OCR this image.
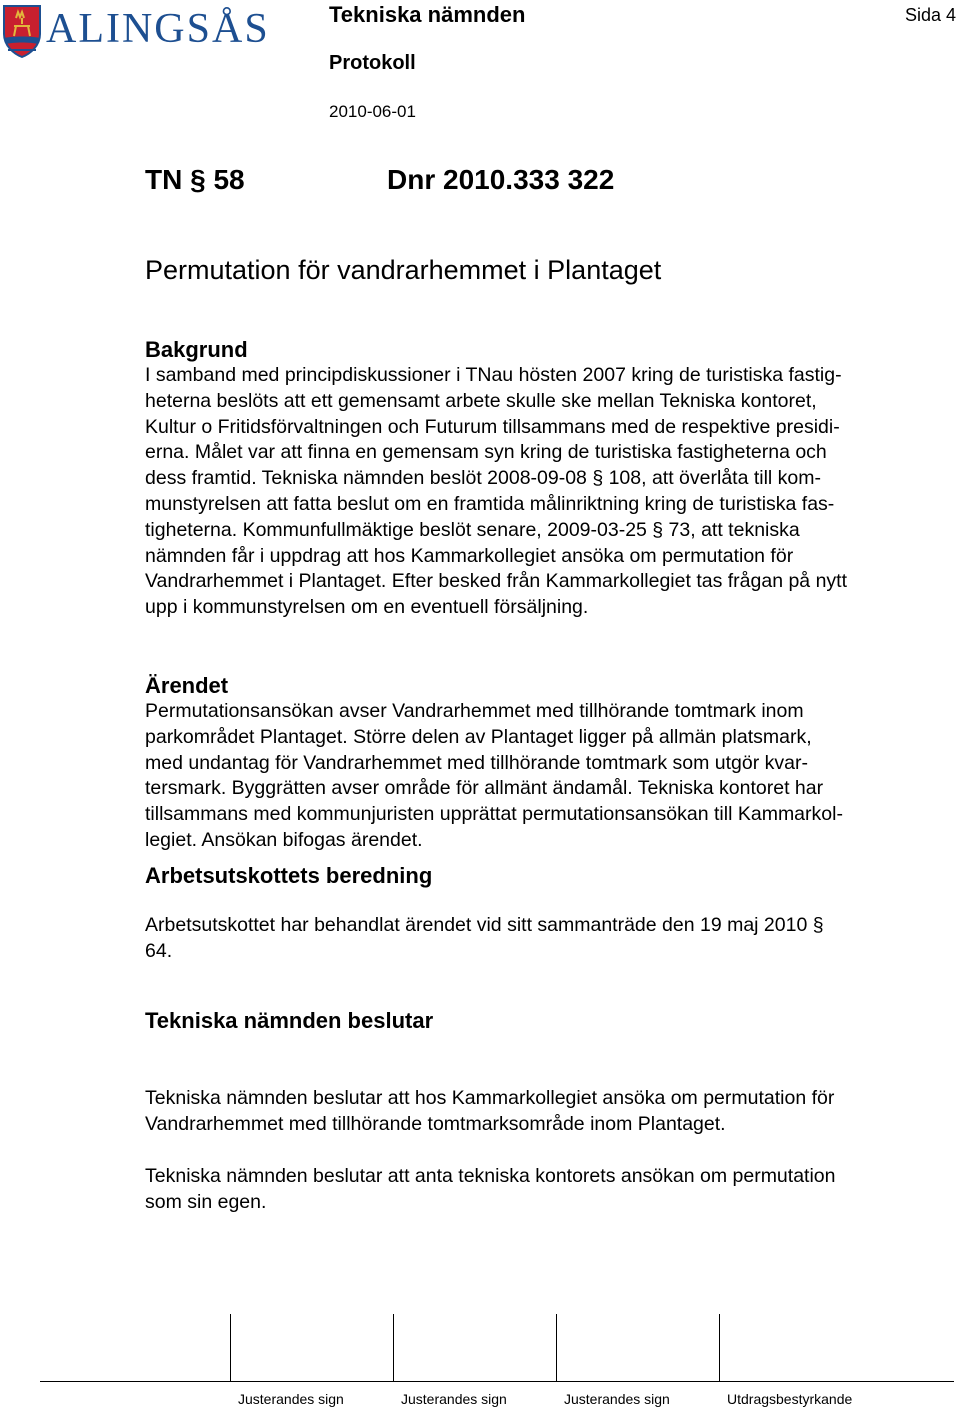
ALINGSÅS	Tekniska nämnden	Sida 4
Protokoll
2010-06-01
TN § 58	Dnr 2010.333 322
Permutation för vandrarhemmet i Plantaget
Bakgrund
I samband med principdiskussioner i TNau hösten 2007 kring de turistiska fastig-
heterna beslöts att ett gemensamt arbete skulle ske mellan Tekniska kontoret,
Kultur o Fritidsförvaltningen och Futurum tillsammans med de respektive presidi-
erna. Målet var att finna en gemensam syn kring de turistiska fastigheterna och
dess framtid. Tekniska nämnden beslöt 2008-09-08 § 108, att överlåta till kom-
munstyrelsen att fatta beslut om en framtida målinriktning kring de turistiska fas-
tigheterna. Kommunfullmäktige beslöt senare, 2009-03-25 § 73, att tekniska
nämnden får i uppdrag att hos Kammarkollegiet ansöka om permutation för
Vandrarhemmet i Plantaget. Efter besked från Kammarkollegiet tas frågan på nytt
upp i kommunstyrelsen om en eventuell försäljning.
Ärendet
Permutationsansökan avser Vandrarhemmet med tillhörande tomtmark inom
parkområdet Plantaget. Större delen av Plantaget ligger på allmän platsmark,
med undantag för Vandrarhemmet med tillhörande tomtmark som utgör kvar-
tersmark. Byggrätten avser område för allmänt ändamål. Tekniska kontoret har
tillsammans med kommunjuristen upprättat permutationsansökan till Kammarkol-
legiet. Ansökan bifogas ärendet.
Arbetsutskottets beredning
Arbetsutskottet har behandlat ärendet vid sitt sammanträde den 19 maj 2010 §
64.
Tekniska nämnden beslutar
Tekniska nämnden beslutar att hos Kammarkollegiet ansöka om permutation för
Vandrarhemmet med tillhörande tomtmarksområde inom Plantaget.
Tekniska nämnden beslutar att anta tekniska kontorets ansökan om permutation
som sin egen.
Justerandes sign	Justerandes sign	Justerandes sign	Utdragsbestyrkande
